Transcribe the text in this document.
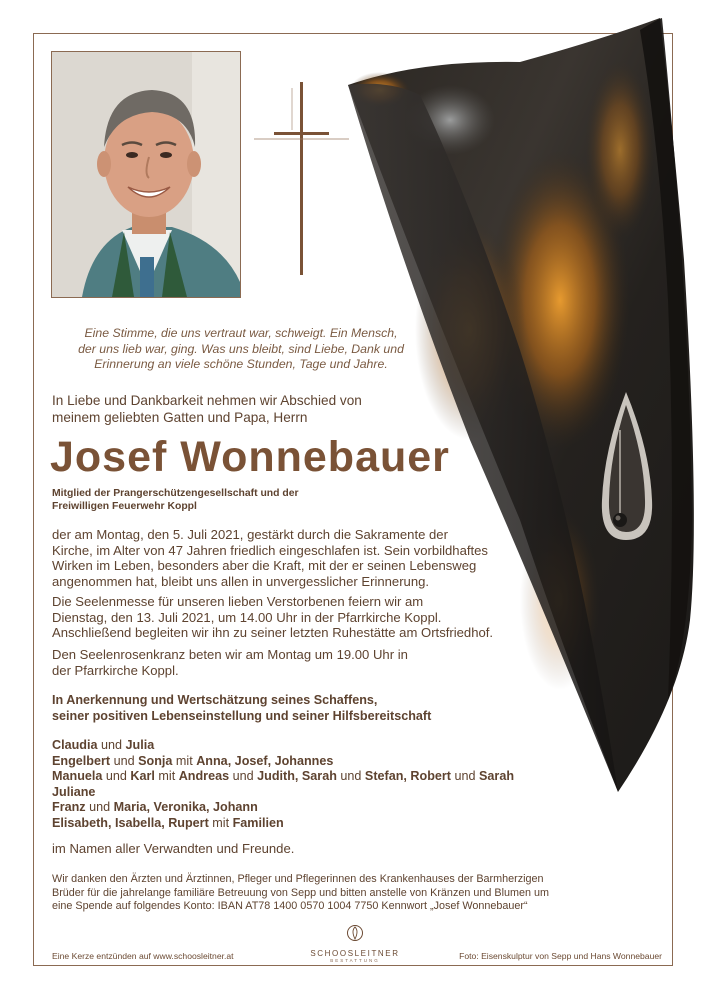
Eine Stimme, die uns vertraut war, schweigt. Ein Mensch,
der uns lieb war, ging. Was uns bleibt, sind Liebe, Dank und
Erinnerung an viele schöne Stunden, Tage und Jahre.

In Liebe und Dankbarkeit nehmen wir Abschied von
meinem geliebten Gatten und Papa, Herrn

Josef Wonnebauer

Mitglied der Prangerschützengesellschaft und der
Freiwilligen Feuerwehr Koppl

der am Montag, den 5. Juli 2021, gestärkt durch die Sakramente der
Kirche, im Alter von 47 Jahren friedlich eingeschlafen ist. Sein vorbildhaftes
Wirken im Leben, besonders aber die Kraft, mit der er seinen Lebensweg
angenommen hat, bleibt uns allen in unvergesslicher Erinnerung.

Die Seelenmesse für unseren lieben Verstorbenen feiern wir am
Dienstag, den 13. Juli 2021, um 14.00 Uhr in der Pfarrkirche Koppl.
Anschließend begleiten wir ihn zu seiner letzten Ruhestätte am Ortsfriedhof.

Den Seelenrosenkranz beten wir am Montag um 19.00 Uhr in
der Pfarrkirche Koppl.

In Anerkennung und Wertschätzung seines Schaffens,
seiner positiven Lebenseinstellung und seiner Hilfsbereitschaft

Claudia und Julia
Engelbert und Sonja mit Anna, Josef, Johannes
Manuela und Karl mit Andreas und Judith, Sarah und Stefan, Robert und Sarah
Juliane
Franz und Maria, Veronika, Johann
Elisabeth, Isabella, Rupert mit Familien

im Namen aller Verwandten und Freunde.

Wir danken den Ärzten und Ärztinnen, Pfleger und Pflegerinnen des Krankenhauses der Barmherzigen
Brüder für die jahrelange familiäre Betreuung von Sepp und bitten anstelle von Kränzen und Blumen um
eine Spende auf folgendes Konto: IBAN AT78 1400 0570 1004 7750 Kennwort „Josef Wonnebauer“

SCHOOSLEITNER
BESTATTUNG

Eine Kerze entzünden auf www.schoosleitner.at	Foto: Eisenskulptur von Sepp und Hans Wonnebauer
